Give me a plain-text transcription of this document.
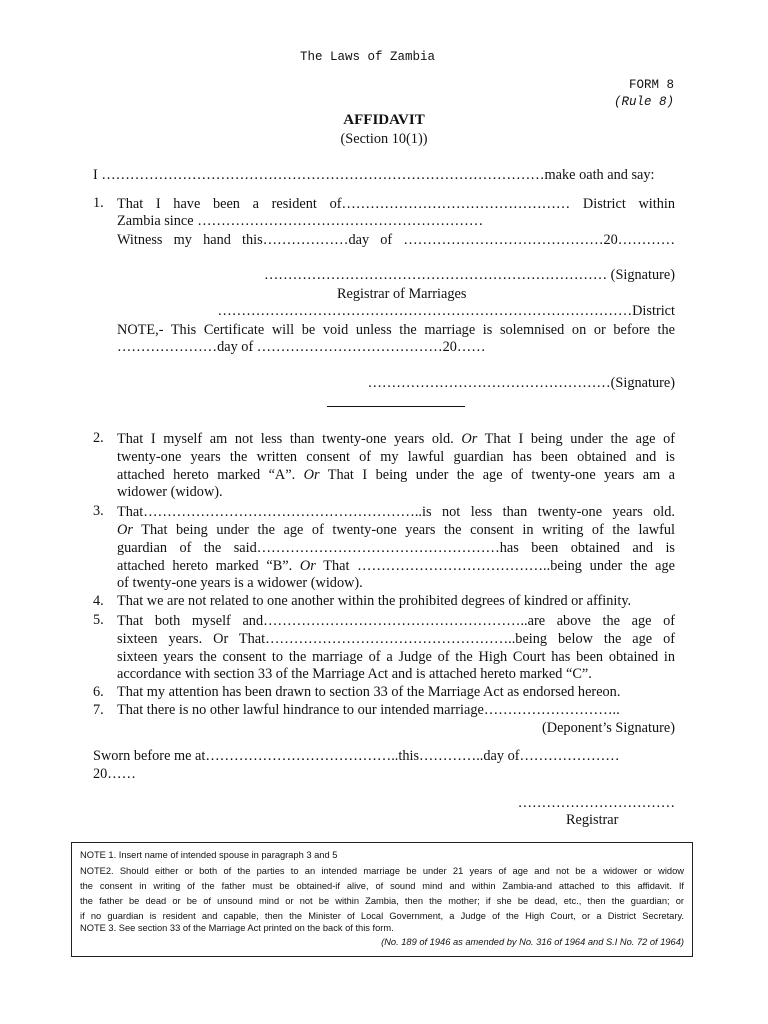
The Laws of Zambia
FORM 8
(Rule 8)
AFFIDAVIT
(Section 10(1))
I …………………………………………………………………………………make oath and say:
1. That I have been a resident of………………………………………… District within
Zambia since ……………………………………………………
Witness my hand this………………day of ……………………………………20…………
……………………………………………………………… (Signature)
Registrar of Marriages
……………………………………………………………………………District
NOTE,- This Certificate will be void unless the marriage is solemnised on or before the
…………………day of …………………………………20……
……………………………………………(Signature)
2. That I myself am not less than twenty-one years old. Or That I being under the age of
twenty-one years the written consent of my lawful guardian has been obtained and is
attached hereto marked “A”. Or That I being under the age of twenty-one years am a
widower (widow).
3. That…………………………………………………..is not less than twenty-one years old.
Or That being under the age of twenty-one years the consent in writing of the lawful
guardian of the said……………………………………………has been obtained and is
attached hereto marked “B”. Or That …………………………………..being under the age
of twenty-one years is a widower (widow).
4. That we are not related to one another within the prohibited degrees of kindred or affinity.
5. That both myself and………………………………………………..are above the age of
sixteen years. Or That……………………………………………..being below the age of
sixteen years the consent to the marriage of a Judge of the High Court has been obtained in
accordance with section 33 of the Marriage Act and is attached hereto marked “C”.
6. That my attention has been drawn to section 33 of the Marriage Act as endorsed hereon.
7. That there is no other lawful hindrance to our intended marriage………………………..
(Deponent’s Signature)
Sworn before me at…………………………………..this…………..day of…………………
20……
……………………………
Registrar
NOTE 1. Insert name of intended spouse in paragraph 3 and 5
NOTE2. Should either or both of the parties to an intended marriage be under 21 years of age and not be a widower or widow
the consent in writing of the father must be obtained-if alive, of sound mind and within Zambia-and attached to this affidavit. If
the father be dead or be of unsound mind or not be within Zambia, then the mother; if she be dead, etc., then the guardian; or
if no guardian is resident and capable, then the Minister of Local Government, a Judge of the High Court, or a District Secretary.
NOTE 3. See section 33 of the Marriage Act printed on the back of this form.
(No. 189 of 1946 as amended by No. 316 of 1964 and S.I No. 72 of 1964)
